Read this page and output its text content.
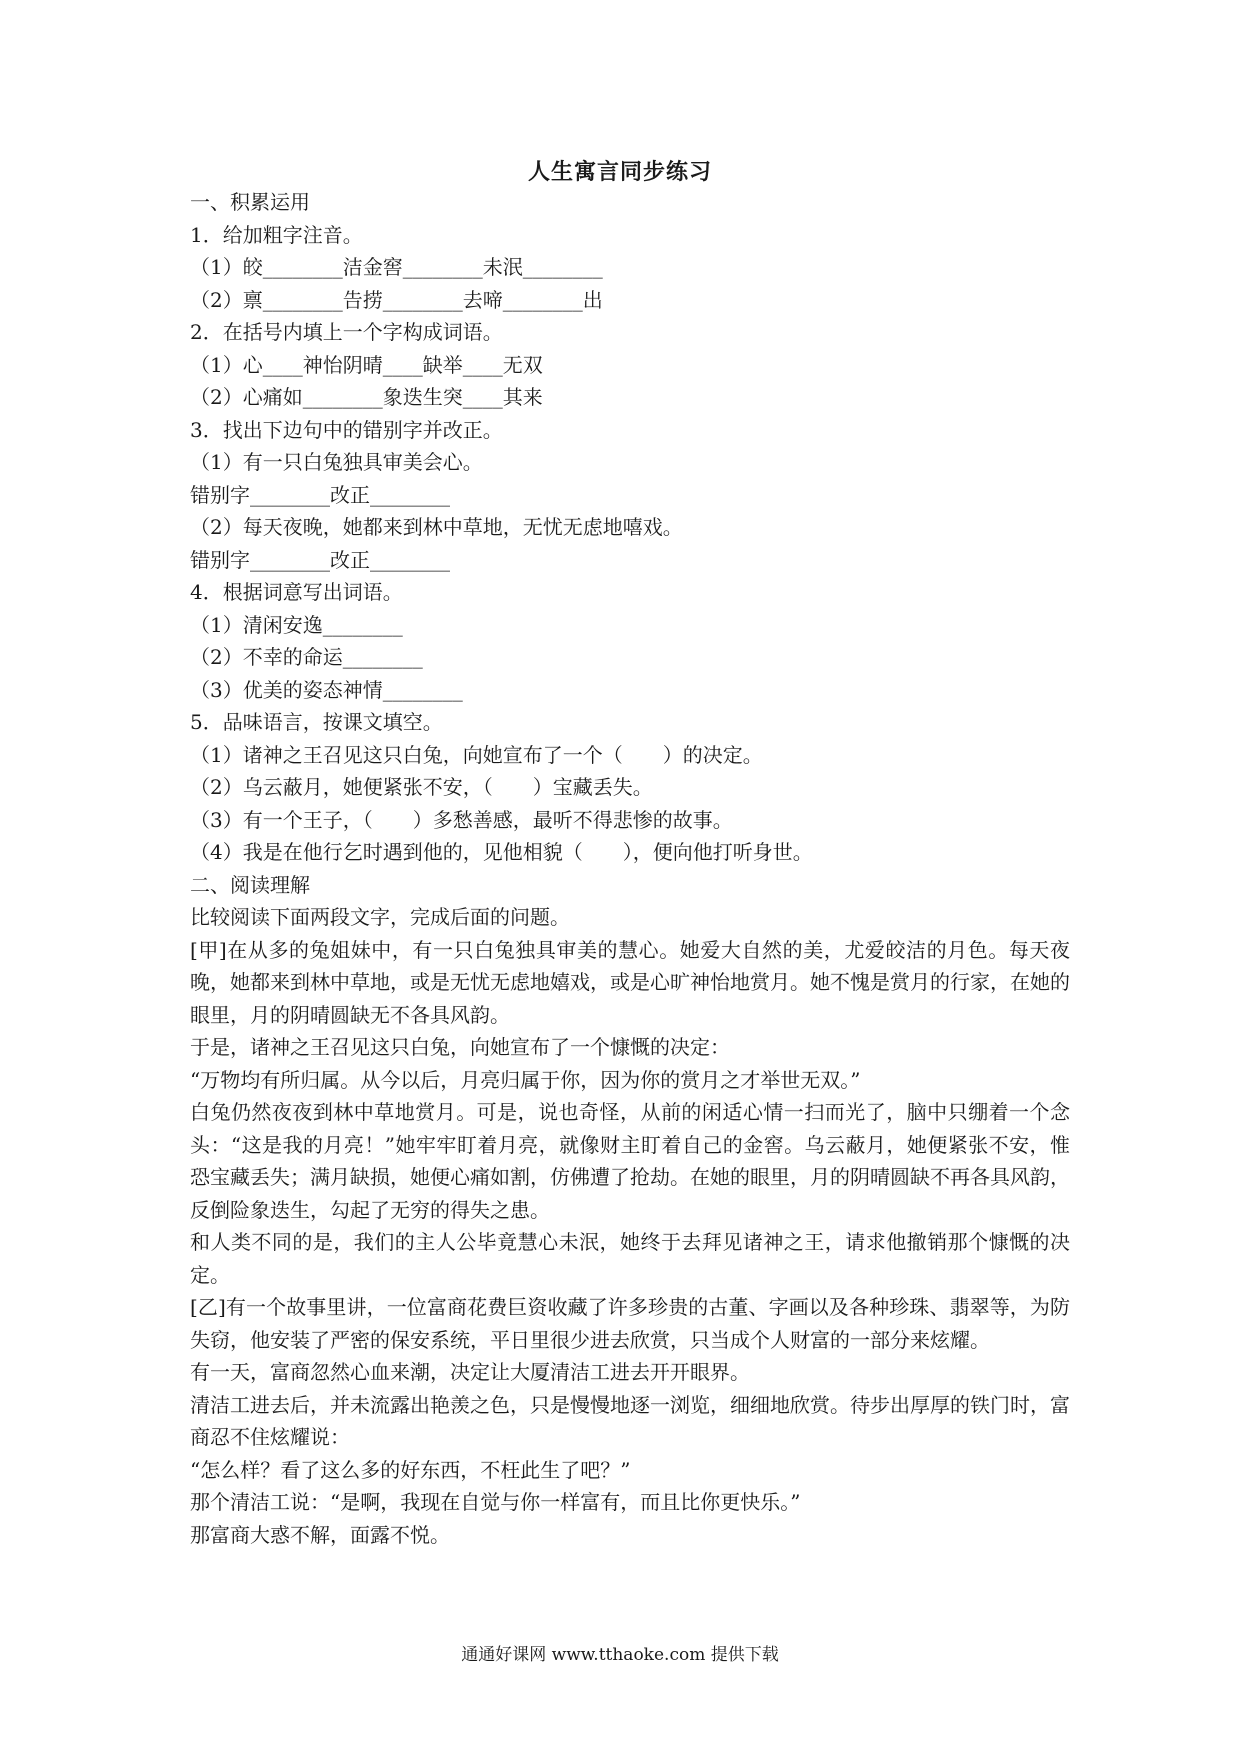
人生寓言同步练习
一、积累运用
1．给加粗字注音。
（1）皎________洁金窖________未泯________
（2）禀________告捞________去啼________出
2．在括号内填上一个字构成词语。
（1）心____神怡阴晴____缺举____无双
（2）心痛如________象迭生突____其来
3．找出下边句中的错别字并改正。
（1）有一只白兔独具审美会心。
错别字________改正________
（2）每天夜晚，她都来到林中草地，无忧无虑地嘻戏。
错别字________改正________
4．根据词意写出词语。
（1）清闲安逸________
（2）不幸的命运________
（3）优美的姿态神情________
5．品味语言，按课文填空。
（1）诸神之王召见这只白兔，向她宣布了一个（　　）的决定。
（2）乌云蔽月，她便紧张不安，（　　）宝藏丢失。
（3）有一个王子，（　　）多愁善感，最听不得悲惨的故事。
（4）我是在他行乞时遇到他的，见他相貌（　　），便向他打听身世。
二、阅读理解
比较阅读下面两段文字，完成后面的问题。
[甲]在从多的兔姐妹中，有一只白兔独具审美的慧心。她爱大自然的美，尤爱皎洁的月色。每天夜晚，她都来到林中草地，或是无忧无虑地嬉戏，或是心旷神怡地赏月。她不愧是赏月的行家，在她的眼里，月的阴晴圆缺无不各具风韵。
于是，诸神之王召见这只白兔，向她宣布了一个慷慨的决定：
“万物均有所归属。从今以后，月亮归属于你，因为你的赏月之才举世无双。”
白兔仍然夜夜到林中草地赏月。可是，说也奇怪，从前的闲适心情一扫而光了，脑中只绷着一个念头：“这是我的月亮！”她牢牢盯着月亮，就像财主盯着自己的金窖。乌云蔽月，她便紧张不安，惟恐宝藏丢失；满月缺损，她便心痛如割，仿佛遭了抢劫。在她的眼里，月的阴晴圆缺不再各具风韵，反倒险象迭生，勾起了无穷的得失之患。
和人类不同的是，我们的主人公毕竟慧心未泯，她终于去拜见诸神之王，请求他撤销那个慷慨的决定。
[乙]有一个故事里讲，一位富商花费巨资收藏了许多珍贵的古董、字画以及各种珍珠、翡翠等，为防失窃，他安装了严密的保安系统，平日里很少进去欣赏，只当成个人财富的一部分来炫耀。
有一天，富商忽然心血来潮，决定让大厦清洁工进去开开眼界。
清洁工进去后，并未流露出艳羡之色，只是慢慢地逐一浏览，细细地欣赏。待步出厚厚的铁门时，富商忍不住炫耀说：
“怎么样？看了这么多的好东西，不枉此生了吧？”
那个清洁工说：“是啊，我现在自觉与你一样富有，而且比你更快乐。”
那富商大惑不解，面露不悦。
通通好课网 www.tthaoke.com 提供下载
